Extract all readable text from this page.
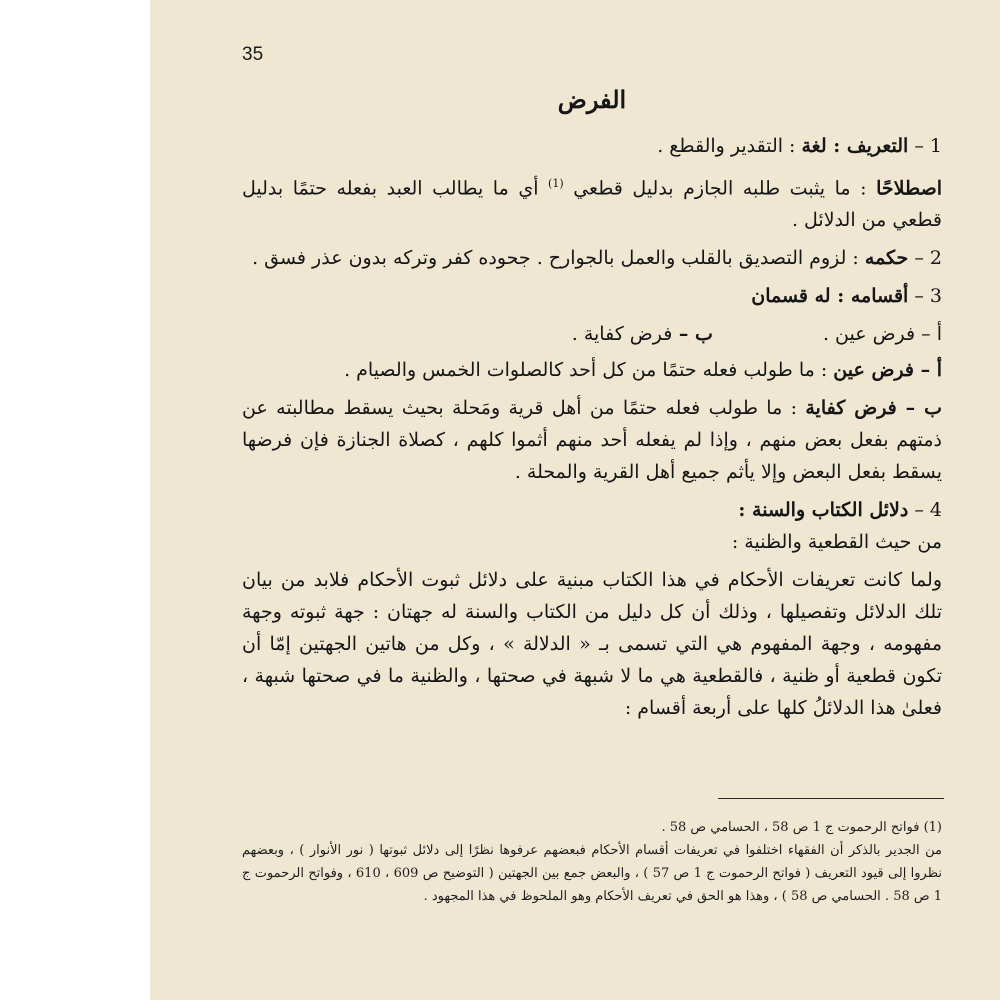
35
الفرض

1 – التعريف : لغة : التقدير والقطع .

اصطلاحًا : ما يثبت طلبه الجازم بدليل قطعي $^{(1)}$ أي ما يطالب العبد بفعله حتمًا بدليل قطعي من الدلائل .

2 – حكمه : لزوم التصديق بالقلب والعمل بالجوارح . جحوده كفر وتركه بدون عذر فسق .

3 – أقسامه : له قسمان

أ – فرض عين .
ب – فرض كفاية .

أ – فرض عين : ما طولب فعله حتمًا من كل أحد كالصلوات الخمس والصيام .

ب – فرض كفاية : ما طولب فعله حتمًا من أهل قرية ومَحلة بحيث يسقط مطالبته عن ذمتهم بفعل بعض منهم ، وإذا لم يفعله أحد منهم أثموا كلهم ، كصلاة الجنازة فإن فرضها يسقط بفعل البعض وإلا يأثم جميع أهل القرية والمحلة .

4 – دلائل الكتاب والسنة :

من حيث القطعية والظنية :

ولما كانت تعريفات الأحكام في هذا الكتاب مبنية على دلائل ثبوت الأحكام فلابد من بيان تلك الدلائل وتفصيلها ، وذلك أن كل دليل من الكتاب والسنة له جهتان : جهة ثبوته وجهة مفهومه ، وجهة المفهوم هي التي تسمى بـ « الدلالة » ، وكل من هاتين الجهتين إمّا أن تكون قطعية أو ظنية ، فالقطعية هي ما لا شبهة في صحتها ، والظنية ما في صحتها شبهة ، فعلىٰ هذا الدلائلُ كلها على أربعة أقسام :

(1) فواتح الرحموت ج 1 ص 58 ، الحسامي ص 58 .

من الجدير بالذكر أن الفقهاء اختلفوا في تعريفات أقسام الأحكام فبعضهم عرفوها نظرًا إلى دلائل ثبوتها ( نور الأنوار ) ، وبعضهم نظروا إلى قيود التعريف ( فواتح الرحموت ج 1 ص 57 ) ، والبعض جمع بين الجهتين ( التوضيح ص 609 ، 610 ، وفواتح الرحموت ج 1 ص 58 . الحسامي ص 58 ) ، وهذا هو الحق في تعريف الأحكام وهو الملحوظ في هذا المجهود .
